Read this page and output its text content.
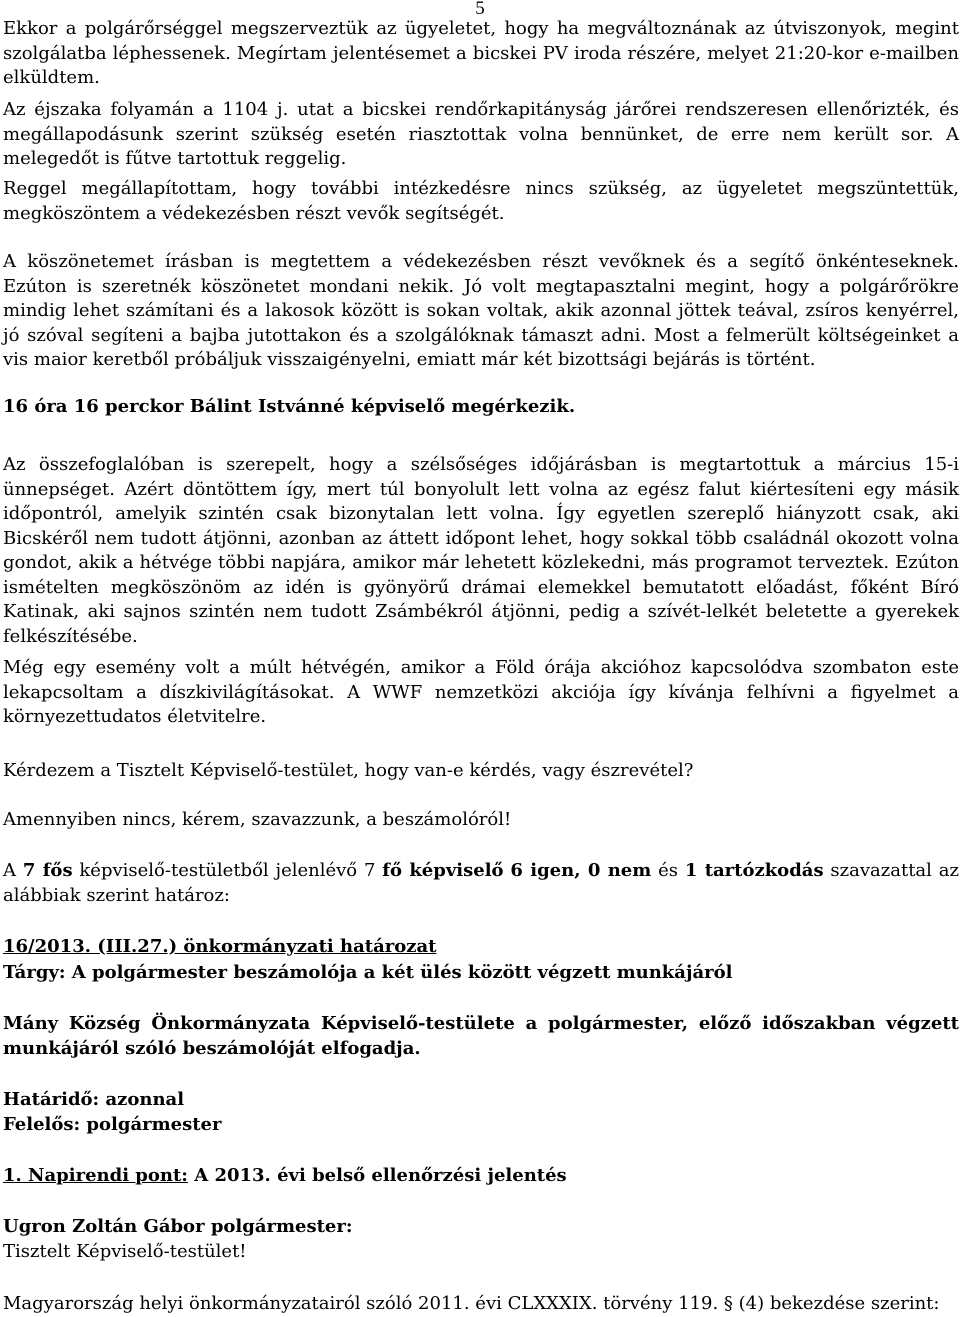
5

Ekkor a polgárőrséggel megszerveztük az ügyeletet, hogy ha megváltoznának az útviszonyok, megint szolgálatba léphessenek. Megírtam jelentésemet a bicskei PV iroda részére, melyet 21:20-kor e-mailben elküldtem.

Az éjszaka folyamán a 1104 j. utat a bicskei rendőrkapitányság járőrei rendszeresen ellenőrizték, és megállapodásunk szerint szükség esetén riasztottak volna bennünket, de erre nem került sor. A melegedőt is fűtve tartottuk reggelig.

Reggel megállapítottam, hogy további intézkedésre nincs szükség, az ügyeletet megszüntettük, megköszöntem a védekezésben részt vevők segítségét.

A köszönetemet írásban is megtettem a védekezésben részt vevőknek és a segítő önkénteseknek. Ezúton is szeretnék köszönetet mondani nekik. Jó volt megtapasztalni megint, hogy a polgárőrökre mindig lehet számítani és a lakosok között is sokan voltak, akik azonnal jöttek teával, zsíros kenyérrel, jó szóval segíteni a bajba jutottakon és a szolgálóknak támaszt adni. Most a felmerült költségeinket a vis maior keretből próbáljuk visszaigényelni, emiatt már két bizottsági bejárás is történt.

16 óra 16 perckor Bálint Istvánné képviselő megérkezik.

Az összefoglalóban is szerepelt, hogy a szélsőséges időjárásban is megtartottuk a március 15-i ünnepséget. Azért döntöttem így, mert túl bonyolult lett volna az egész falut kiértesíteni egy másik időpontról, amelyik szintén csak bizonytalan lett volna. Így egyetlen szereplő hiányzott csak, aki Bicskéről nem tudott átjönni, azonban az áttett időpont lehet, hogy sokkal több családnál okozott volna gondot, akik a hétvége többi napjára, amikor már lehetett közlekedni, más programot terveztek. Ezúton ismételten megköszönöm az idén is gyönyörű drámai elemekkel bemutatott előadást, főként Bíró Katinak, aki sajnos szintén nem tudott Zsámbékról átjönni, pedig a szívét-lelkét beletette a gyerekek felkészítésébe.

Még egy esemény volt a múlt hétvégén, amikor a Föld órája akcióhoz kapcsolódva szombaton este lekapcsoltam a díszkivilágításokat. A WWF nemzetközi akciója így kívánja felhívni a figyelmet a környezettudatos életvitelre.

Kérdezem a Tisztelt Képviselő-testület, hogy van-e kérdés, vagy észrevétel?
Amennyiben nincs, kérem, szavazzunk, a beszámolóról!

A 7 fős képviselő-testületből jelenlévő 7 fő képviselő 6 igen, 0 nem és 1 tartózkodás szavazattal az alábbiak szerint határoz:

16/2013. (III.27.) önkormányzati határozat
Tárgy: A polgármester beszámolója a két ülés között végzett munkájáról

Mány Község Önkormányzata Képviselő-testülete a polgármester, előző időszakban végzett munkájáról szóló beszámolóját elfogadja.

Határidő: azonnal
Felelős: polgármester
1. Napirendi pont: A 2013. évi belső ellenőrzési jelentés
Ugron Zoltán Gábor polgármester:
Tisztelt Képviselő-testület!
Magyarország helyi önkormányzatairól szóló 2011. évi CLXXXIX. törvény 119. § (4) bekezdése szerint:
